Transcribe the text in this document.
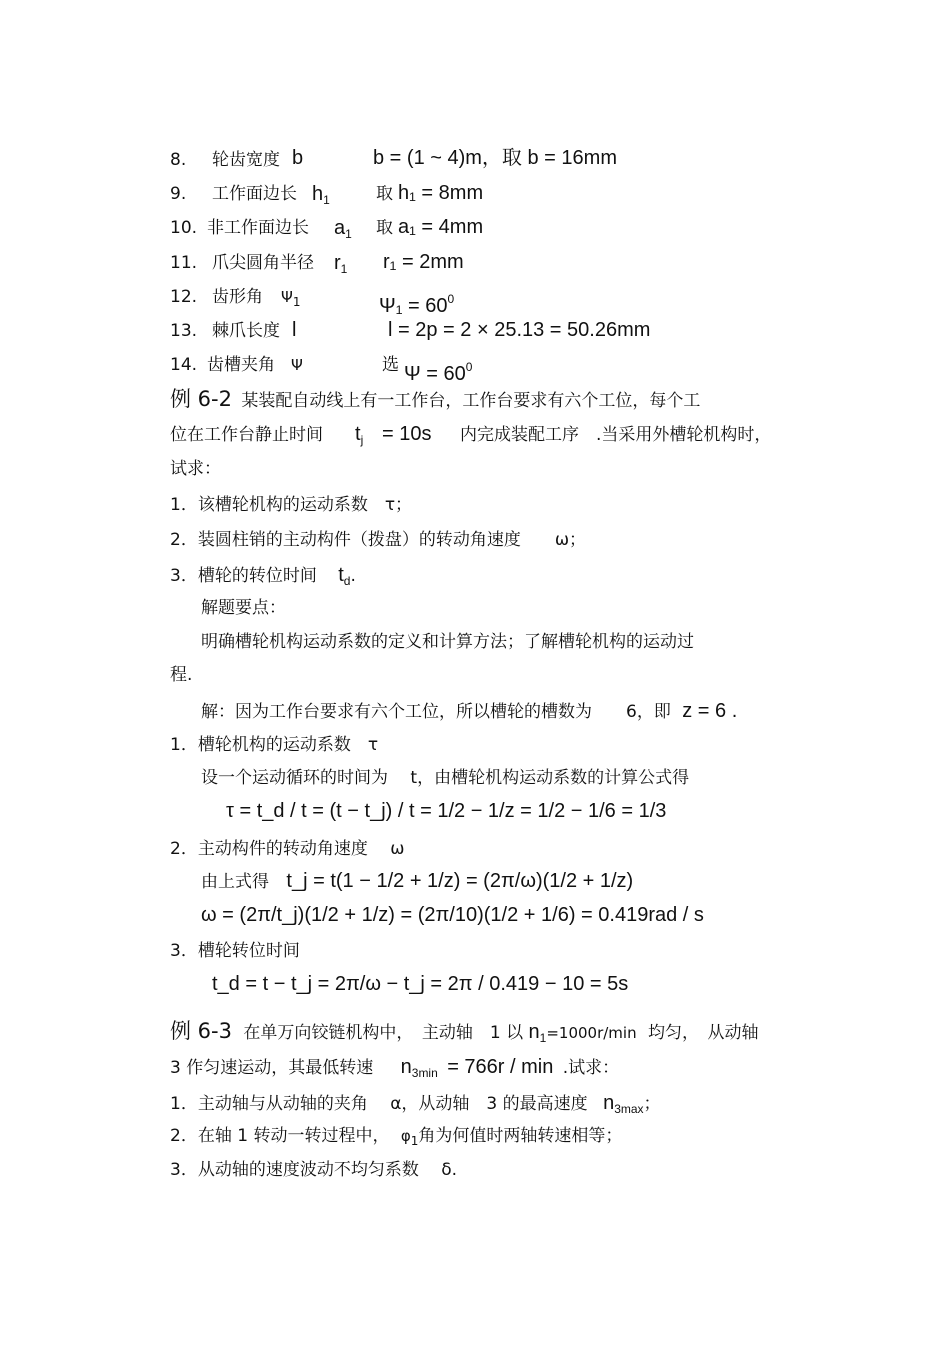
8.	轮齿宽度 b	b = (1 ~ 4)m，取 b = 16mm
9. 工作面边长 $h_1$	取 h₁ = 8mm
10. 非工作面边长 $a_1$ 取 a₁ = 4mm
11. 爪尖圆角半径 $r_1$ r₁ = 2mm
12. 齿形角 $\Psi_1$	$\Psi_1 = 60^0$
13. 棘爪长度 l	l = 2p = 2 × 25.13 = 50.26mm
14. 齿槽夹角 Ψ	选 $\Psi = 60^0$
例 6-2 某装配自动线上有一工作台，工作台要求有六个工位，每个工
位在工作台静止时间 $t_j = 10s$ 内完成装配工序　.当采用外槽轮机构时，
试求：
1．该槽轮机构的运动系数　τ；
2．装圆柱销的主动构件（拨盘）的转动角速度　　ω；
3．槽轮的转位时间 $t_d$.
解题要点：
明确槽轮机构运动系数的定义和计算方法；了解槽轮机构的运动过
程.
解：因为工作台要求有六个工位，所以槽轮的槽数为　　6，即 z = 6 .
1．槽轮机构的运动系数　τ
设一个运动循环的时间为　 t，由槽轮机构运动系数的计算公式得
τ = t_d / t = (t − t_j) / t = 1/2 − 1/z = 1/2 − 1/6 = 1/3
2．主动构件的转动角速度　 ω
由上式得 t_j = t(1 − 1/2 + 1/z) = (2π/ω)(1/2 + 1/z)
ω = (2π/t_j)(1/2 + 1/z) = (2π/10)(1/2 + 1/6) = 0.419rad / s
3．槽轮转位时间
t_d = t − t_j = 2π/ω − t_j = 2π / 0.419 − 10 = 5s
例 6-3 在单万向铰链机构中，　主动轴　1 以 $n_1=1000r/\min$ 均匀，　从动轴
3 作匀速运动，其最低转速 $n_{3min} = 766r / \min$ .试求：
1．主动轴与从动轴的夹角　 α，从动轴　3 的最高速度 $n_{3max}$；
2．在轴 1 转动一转过程中， $\varphi_1$角为何值时两轴转速相等；
3．从动轴的速度波动不均匀系数　 δ.
